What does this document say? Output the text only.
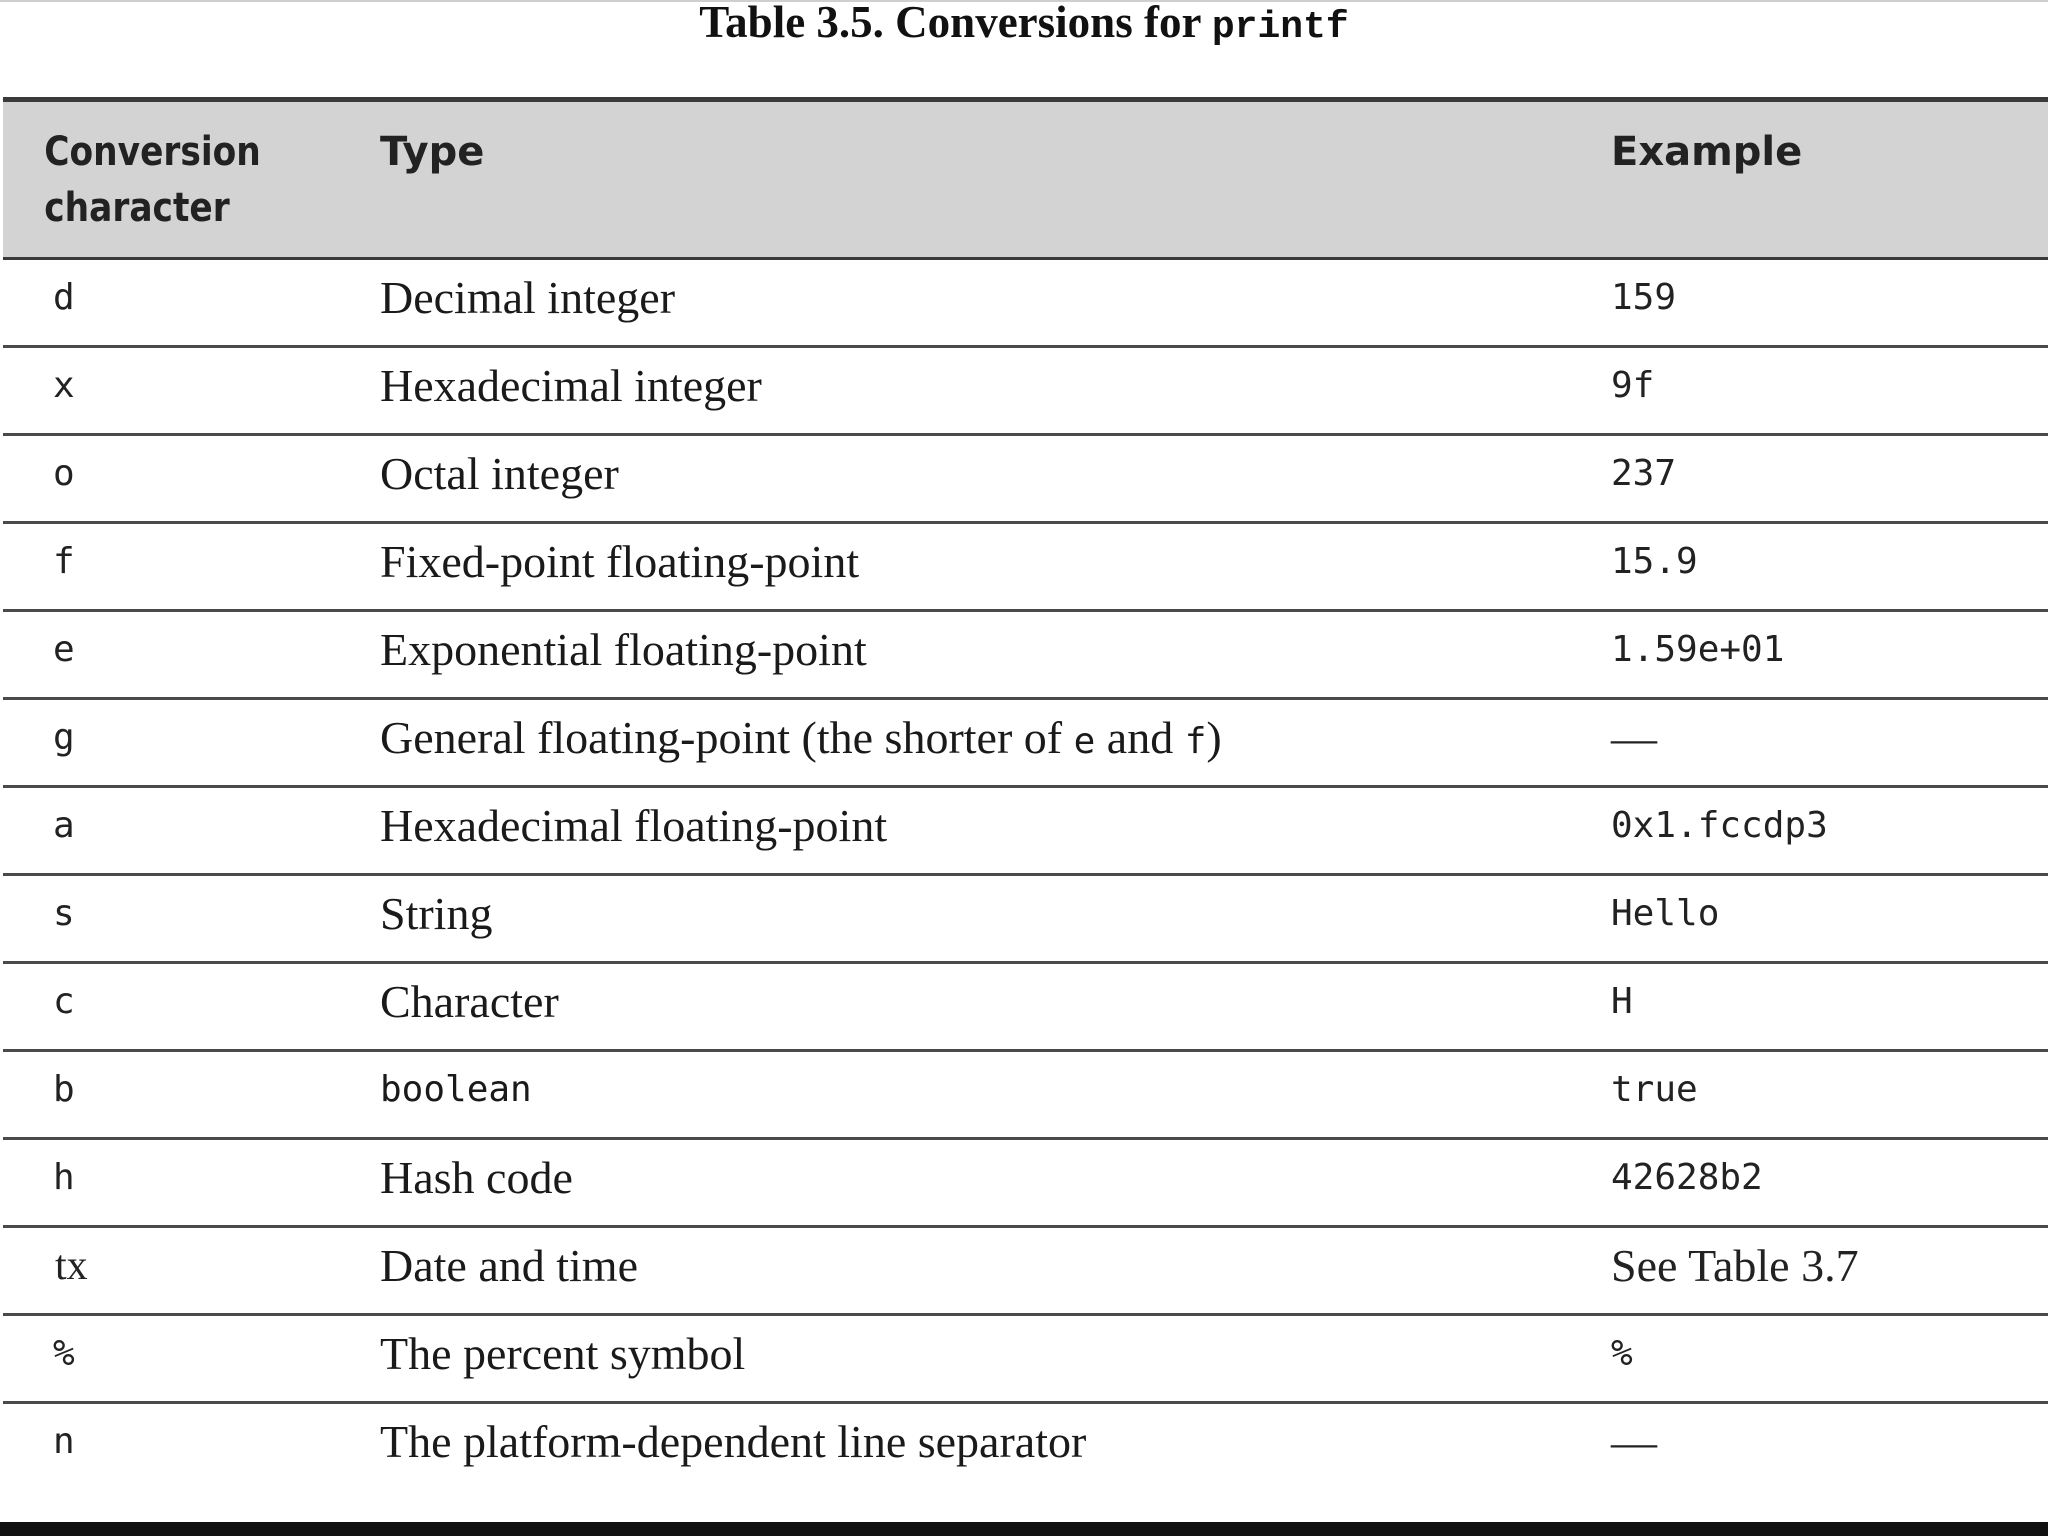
Table 3.5. Conversions for printf
Conversion
character	Type	Example
d	Decimal integer	159
x	Hexadecimal integer	9f
o	Octal integer	237
f	Fixed-point floating-point	15.9
e	Exponential floating-point	1.59e+01
g	General floating-point (the shorter of e and f)	—
a	Hexadecimal floating-point	0x1.fccdp3
s	String	Hello
c	Character	H
b	boolean	true
h	Hash code	42628b2
tx	Date and time	See Table 3.7
%	The percent symbol	%
n	The platform-dependent line separator	—
